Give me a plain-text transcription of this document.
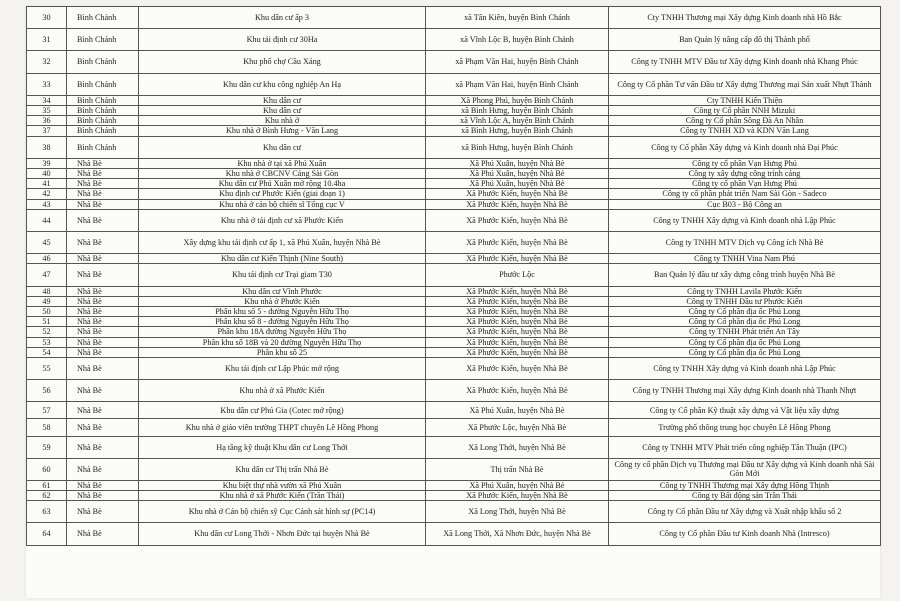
30	Bình Chánh	Khu dân cư ấp 3	xã Tân Kiên, huyện Bình Chánh	Cty TNHH Thương mại Xây dựng Kinh doanh nhà Hồ Bắc
31	Bình Chánh	Khu tái định cư 30Ha	xã Vĩnh Lộc B, huyện Bình Chánh	Ban Quản lý nâng cấp đô thị Thành phố
32	Bình Chánh	Khu phố chợ Cầu Xáng	xã Phạm Văn Hai, huyện Bình Chánh	Công ty TNHH MTV Đầu tư Xây dựng Kinh doanh nhà Khang Phúc
33	Bình Chánh	Khu dân cư khu công nghiệp An Hạ	xã Phạm Văn Hai, huyện Bình Chánh	Công ty Cổ phần Tư vấn Đầu tư Xây dựng Thương mại Sản xuất Nhựt Thành
34	Bình Chánh	Khu dân cư	Xã Phong Phú, huyện Bình Chánh	Cty TNHH Kiến Thiện
35	Bình Chánh	Khu dân cư	xã Bình Hưng, huyện Bình Chánh	Công ty Cổ phần NNH Mizuki
36	Bình Chánh	Khu nhà ở	xã Vĩnh Lộc A, huyện Bình Chánh	Công ty Cổ phần Sông Đà An Nhân
37	Bình Chánh	Khu nhà ở Bình Hưng - Văn Lang	xã Bình Hưng, huyện Bình Chánh	Công ty TNHH XD và KDN Văn Lang
38	Bình Chánh	Khu dân cư	xã Bình Hưng, huyện Bình Chánh	Công ty Cổ phần Xây dựng và Kinh doanh nhà Đại Phúc
39	Nhà Bè	Khu nhà ở tại xã Phú Xuân	Xã Phú Xuân, huyện Nhà Bè	Công ty cổ phần Vạn Hưng Phú
40	Nhà Bè	Khu nhà ở CBCNV Cảng Sài Gòn	Xã Phú Xuân, huyện Nhà Bè	Công ty xây dựng công trình cảng
41	Nhà Bè	Khu dân cư Phú Xuân mở rộng 10.4ha	Xã Phú Xuân, huyện Nhà Bè	Công ty cổ phần Vạn Hưng Phú
42	Nhà Bè	Khu định cư Phước Kiển (giai đoạn 1)	Xã Phước Kiển, huyện Nhà Bè	Công ty cổ phần phát triển Nam Sài Gòn - Sadeco
43	Nhà Bè	Khu nhà ở cán bộ chiến sĩ Tổng cục V	Xã Phước Kiển, huyện Nhà Bè	Cục B03 - Bộ Công an
44	Nhà Bè	Khu nhà ở tái định cư xã Phước Kiển	Xã Phước Kiển, huyện Nhà Bè	Công ty TNHH Xây dựng và Kinh doanh nhà Lập Phúc
45	Nhà Bè	Xây dựng khu tái định cư ấp 1, xã Phú Xuân, huyện Nhà Bè	Xã Phước Kiển, huyện Nhà Bè	Công ty TNHH MTV Dịch vụ Công ích Nhà Bè
46	Nhà Bè	Khu dân cư Kiến Thịnh (Nine South)	Xã Phước Kiển, huyện Nhà Bè	Công ty TNHH Vina Nam Phú
47	Nhà Bè	Khu tái định cư Trại giam T30	Phước Lộc	Ban Quản lý đầu tư xây dựng công trình huyện Nhà Bè
48	Nhà Bè	Khu dân cư Vĩnh Phước	Xã Phước Kiển, huyện Nhà Bè	Công ty TNHH Lavila Phước Kiển
49	Nhà Bè	Khu nhà ở Phước Kiển	Xã Phước Kiển, huyện Nhà Bè	Công ty TNHH Đầu tư Phước Kiển
50	Nhà Bè	Phân khu số 5 - đường Nguyễn Hữu Thọ	Xã Phước Kiển, huyện Nhà Bè	Công ty Cổ phần địa ốc Phú Long
51	Nhà Bè	Phân khu số 8 - đường Nguyễn Hữu Thọ	Xã Phước Kiển, huyện Nhà Bè	Công ty Cổ phần địa ốc Phú Long
52	Nhà Bè	Phân khu 18A đường Nguyễn Hữu Thọ	Xã Phước Kiển, huyện Nhà Bè	Công ty TNHH Phát triển An Tây
53	Nhà Bè	Phân khu số 18B và 20 đường Nguyễn Hữu Thọ	Xã Phước Kiển, huyện Nhà Bè	Công ty Cổ phần địa ốc Phú Long
54	Nhà Bè	Phân khu số 25	Xã Phước Kiển, huyện Nhà Bè	Công ty Cổ phần địa ốc Phú Long
55	Nhà Bè	Khu tái định cư Lập Phúc mở rộng	Xã Phước Kiển, huyện Nhà Bè	Công ty TNHH Xây dựng và Kinh doanh nhà Lập Phúc
56	Nhà Bè	Khu nhà ở xã Phước Kiển	Xã Phước Kiển, huyện Nhà Bè	Công ty TNHH Thương mại Xây dựng Kinh doanh nhà Thanh Nhựt
57	Nhà Bè	Khu dân cư Phú Gia (Cotec mở rộng)	Xã Phú Xuân, huyện Nhà Bè	Công ty Cổ phần Kỹ thuật xây dựng và Vật liệu xây dựng
58	Nhà Bè	Khu nhà ở giáo viên trường THPT chuyên Lê Hồng Phong	Xã Phước Lộc, huyện Nhà Bè	Trường phổ thông trung học chuyên Lê Hồng Phong
59	Nhà Bè	Hạ tầng kỹ thuật Khu dân cư Long Thới	Xã Long Thới, huyện Nhà Bè	Công ty TNHH MTV Phát triển công nghiệp Tân Thuận (IPC)
60	Nhà Bè	Khu dân cư Thị trấn Nhà Bè	Thị trấn Nhà Bè	Công ty cổ phần Dịch vụ Thương mại Đầu tư Xây dựng và Kinh doanh nhà Sài Gòn Mới
61	Nhà Bè	Khu biệt thự nhà vườn xã Phú Xuân	Xã Phú Xuân, huyện Nhà Bè	Công ty TNHH Thương mại Xây dựng Hồng Thịnh
62	Nhà Bè	Khu nhà ở xã Phước Kiển (Trần Thái)	Xã Phước Kiển, huyện Nhà Bè	Công ty Bất động sản Trần Thái
63	Nhà Bè	Khu nhà ở Cán bộ chiến sỹ Cục Cảnh sát hình sự (PC14)	Xã Long Thới, huyện Nhà Bè	Công ty Cổ phần Đầu tư Xây dựng và Xuất nhập khẩu số 2
64	Nhà Bè	Khu dân cư Long Thới - Nhơn Đức tại huyện Nhà Bè	Xã Long Thới, Xã Nhơn Đức, huyện Nhà Bè	Công ty Cổ phần Đầu tư Kinh doanh Nhà (Intresco)
